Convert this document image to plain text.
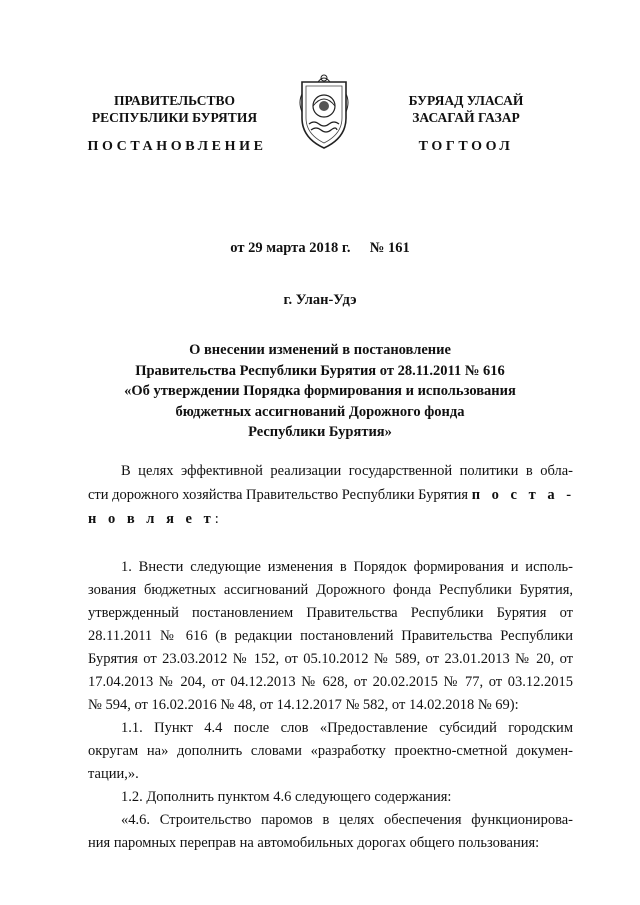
ПРАВИТЕЛЬСТВО
РЕСПУБЛИКИ БУРЯТИЯ
БУРЯАД УЛАСАЙ
ЗАСАГАЙ ГАЗАР
ПОСТАНОВЛЕНИЕ	ТОГТООЛ
от 29 марта 2018 г. № 161
г. Улан-Удэ
О внесении изменений в постановление
Правительства Республики Бурятия от 28.11.2011 № 616
«Об утверждении Порядка формирования и использования
бюджетных ассигнований Дорожного фонда
Республики Бурятия»
В целях эффективной реализации государственной политики в обла-
сти дорожного хозяйства Правительство Республики Бурятия п о с т а -
н о в л я е т:
1. Внести следующие изменения в Порядок формирования и исполь-
зования бюджетных ассигнований Дорожного фонда Республики Бурятия,
утвержденный постановлением Правительства Республики Бурятия от
28.11.2011 № 616 (в редакции постановлений Правительства Республики
Бурятия от 23.03.2012 № 152, от 05.10.2012 № 589, от 23.01.2013 № 20, от
17.04.2013 № 204, от 04.12.2013 № 628, от 20.02.2015 № 77, от 03.12.2015
№ 594, от 16.02.2016 № 48, от 14.12.2017 № 582, от 14.02.2018 № 69):
1.1. Пункт 4.4 после слов «Предоставление субсидий городским
округам на» дополнить словами «разработку проектно-сметной докумен-
тации,».
1.2. Дополнить пунктом 4.6 следующего содержания:
«4.6. Строительство паромов в целях обеспечения функционирова-
ния паромных переправ на автомобильных дорогах общего пользования:
